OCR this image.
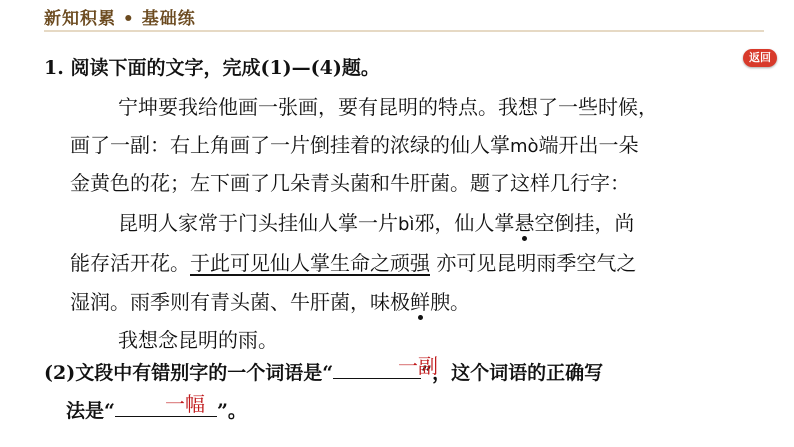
新知积累 • 基础练
返回
1. 阅读下面的文字，完成(1)—(4)题。
宁坤要我给他画一张画，要有昆明的特点。我想了一些时候，
画了一副：右上角画了一片倒挂着的浓绿的仙人掌mò端开出一朵
金黄色的花；左下画了几朵青头菌和牛肝菌。题了这样几行字：
昆明人家常于门头挂仙人掌一片bì邪，仙人掌悬空倒挂，尚
能存活开花。于此可见仙人掌生命之顽强 亦可见昆明雨季空气之
湿润。雨季则有青头菌、牛肝菌，味极鲜腴。
我想念昆明的雨。
(2)文段中有错别字的一个词语是“	”，这个词语的正确写
法是“	”。
一副
一幅
